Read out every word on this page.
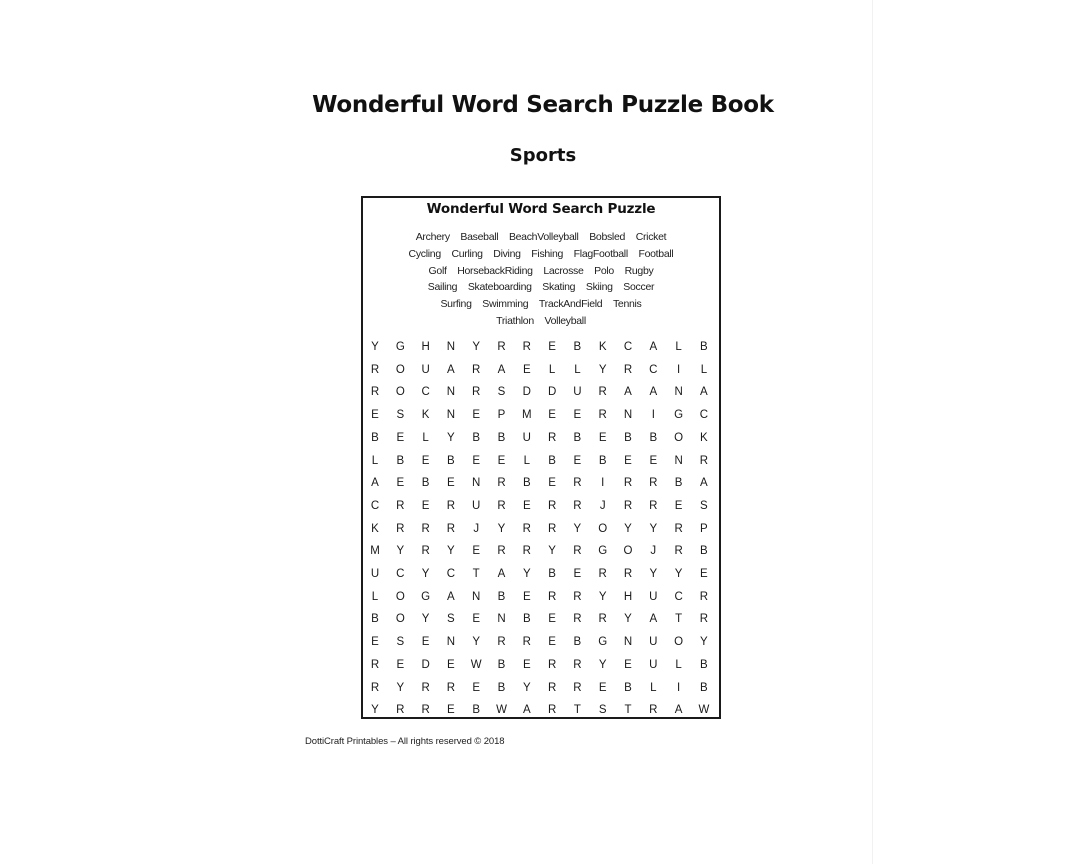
Wonderful Word Search Puzzle Book
Sports
Wonderful Word Search Puzzle
Archery Baseball BeachVolleyball Bobsled Cricket
Cycling Curling Diving Fishing FlagFootball Football
Golf HorsebackRiding Lacrosse Polo Rugby
Sailing Skateboarding Skating Skiing Soccer
Surfing Swimming TrackAndField Tennis
Triathlon Volleyball
Y	G	H	N	Y	R	R	E	B	K	C	A	L	B
R	O	U	A	R	A	E	L	L	Y	R	C	I	L
R	O	C	N	R	S	D	D	U	R	A	A	N	A
E	S	K	N	E	P	M	E	E	R	N	I	G	C
B	E	L	Y	B	B	U	R	B	E	B	B	O	K
L	B	E	B	E	E	L	B	E	B	E	E	N	R
A	E	B	E	N	R	B	E	R	I	R	R	B	A
C	R	E	R	U	R	E	R	R	J	R	R	E	S
K	R	R	R	J	Y	R	R	Y	O	Y	Y	R	P
M	Y	R	Y	E	R	R	Y	R	G	O	J	R	B
U	C	Y	C	T	A	Y	B	E	R	R	Y	Y	E
L	O	G	A	N	B	E	R	R	Y	H	U	C	R
B	O	Y	S	E	N	B	E	R	R	Y	A	T	R
E	S	E	N	Y	R	R	E	B	G	N	U	O	Y
R	E	D	E	W	B	E	R	R	Y	E	U	L	B
R	Y	R	R	E	B	Y	R	R	E	B	L	I	B
Y	R	R	E	B	W	A	R	T	S	T	R	A	W
DottiCraft Printables – All rights reserved © 2018
